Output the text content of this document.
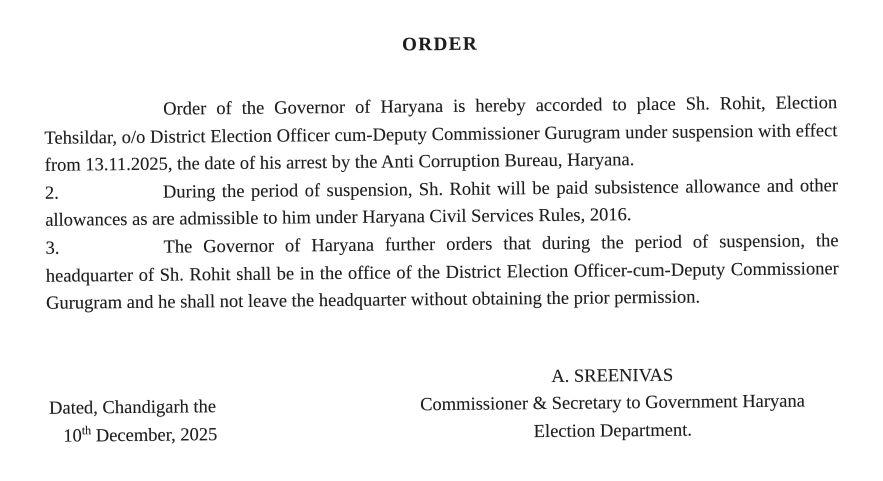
ORDER
Order of the Governor of Haryana is hereby accorded to place Sh. Rohit, Election Tehsildar, o/o District Election Officer cum-Deputy Commissioner Gurugram under suspension with effect from 13.11.2025, the date of his arrest by the Anti Corruption Bureau, Haryana.
2.	During the period of suspension, Sh. Rohit will be paid subsistence allowance and other allowances as are admissible to him under Haryana Civil Services Rules, 2016.
3.	The Governor of Haryana further orders that during the period of suspension, the headquarter of Sh. Rohit shall be in the office of the District Election Officer-cum-Deputy Commissioner Gurugram and he shall not leave the headquarter without obtaining the prior permission.
Dated, Chandigarh the
10th December, 2025
A. SREENIVAS
Commissioner & Secretary to Government Haryana
Election Department.
